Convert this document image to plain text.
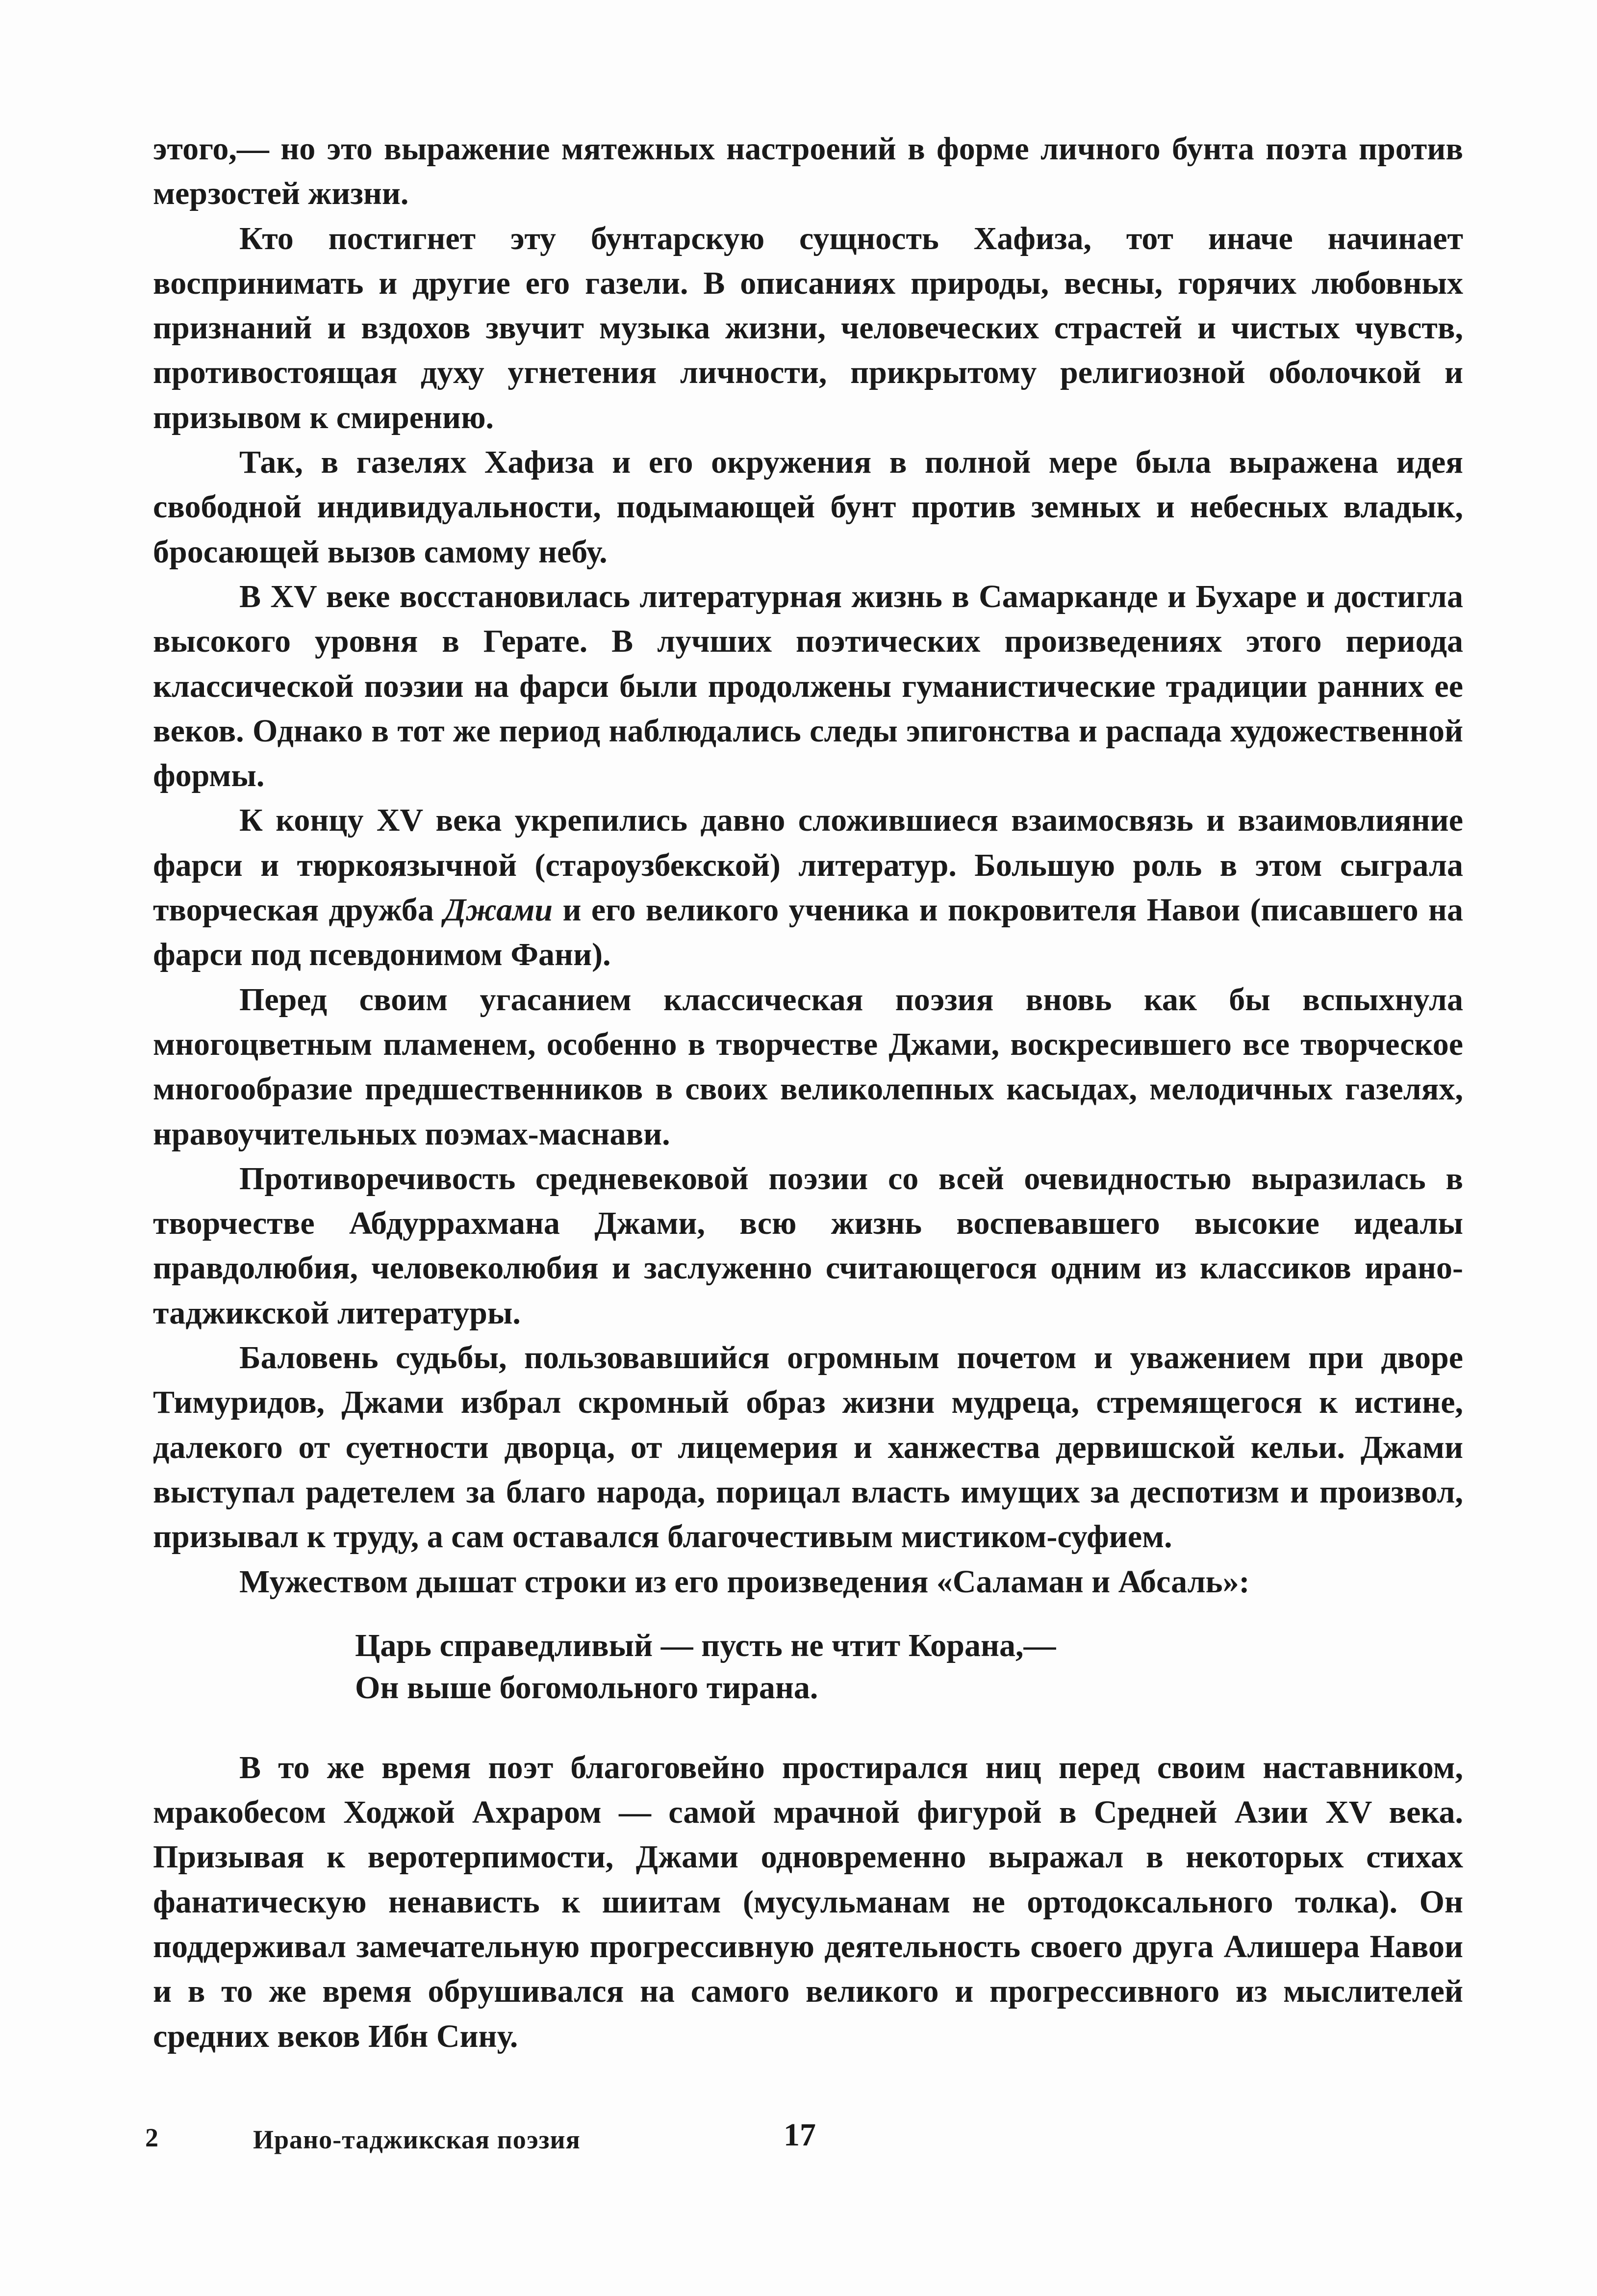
этого,— но это выражение мятежных настроений в форме личного бунта поэта против мерзостей жизни.

Кто постигнет эту бунтарскую сущность Хафиза, тот иначе начинает воспринимать и другие его газели. В описаниях природы, весны, горячих любовных признаний и вздохов звучит музыка жизни, человеческих страстей и чистых чувств, противостоящая духу угнетения личности, прикрытому религиозной оболочкой и призывом к смирению.

Так, в газелях Хафиза и его окружения в полной мере была выражена идея свободной индивидуальности, подымающей бунт против земных и небесных владык, бросающей вызов самому небу.

В XV веке восстановилась литературная жизнь в Самарканде и Бухаре и достигла высокого уровня в Герате. В лучших поэтических произведениях этого периода классической поэзии на фарси были продолжены гуманистические традиции ранних ее веков. Однако в тот же период наблюдались следы эпигонства и распада художественной формы.

К концу XV века укрепились давно сложившиеся взаимосвязь и взаимовлияние фарси и тюркоязычной (староузбекской) литератур. Большую роль в этом сыграла творческая дружба Джами и его великого ученика и покровителя Навои (писавшего на фарси под псевдонимом Фани).

Перед своим угасанием классическая поэзия вновь как бы вспыхнула многоцветным пламенем, особенно в творчестве Джами, воскресившего все творческое многообразие предшественников в своих великолепных касыдах, мелодичных газелях, нравоучительных поэмах-маснави.

Противоречивость средневековой поэзии со всей очевидностью выразилась в творчестве Абдуррахмана Джами, всю жизнь воспевавшего высокие идеалы правдолюбия, человеколюбия и заслуженно считающегося одним из классиков ирано-таджикской литературы.

Баловень судьбы, пользовавшийся огромным почетом и уважением при дворе Тимуридов, Джами избрал скромный образ жизни мудреца, стремящегося к истине, далекого от суетности дворца, от лицемерия и ханжества дервишской кельи. Джами выступал радетелем за благо народа, порицал власть имущих за деспотизм и произвол, призывал к труду, а сам оставался благочестивым мистиком-суфием.

Мужеством дышат строки из его произведения «Саламан и Абсаль»:

Царь справедливый — пусть не чтит Корана,—
Он выше богомольного тирана.

В то же время поэт благоговейно простирался ниц перед своим наставником, мракобесом Ходжой Ахраром — самой мрачной фигурой в Средней Азии XV века. Призывая к веротерпимости, Джами одновременно выражал в некоторых стихах фанатическую ненависть к шиитам (мусульманам не ортодоксального толка). Он поддерживал замечательную прогрессивную деятельность своего друга Алишера Навои и в то же время обрушивался на самого великого и прогрессивного из мыслителей средних веков Ибн Сину.

2	Ирано-таджикская поэзия	17
